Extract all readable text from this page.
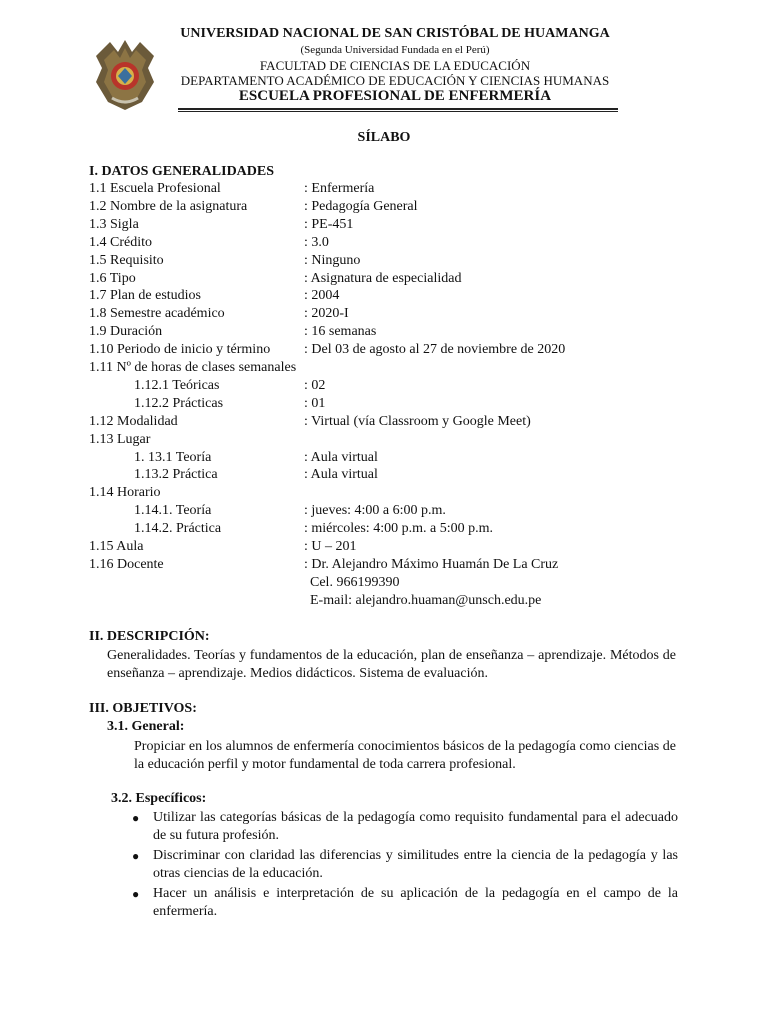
UNIVERSIDAD NACIONAL DE SAN CRISTÓBAL DE HUAMANGA
(Segunda Universidad Fundada en el Perú)
FACULTAD DE CIENCIAS DE LA EDUCACIÓN
DEPARTAMENTO ACADÉMICO DE EDUCACIÓN Y CIENCIAS HUMANAS
ESCUELA PROFESIONAL DE ENFERMERÍA
SÍLABO
I. DATOS GENERALIDADES
1.1 Escuela Profesional	: Enfermería
1.2 Nombre de la asignatura	: Pedagogía General
1.3 Sigla	: PE-451
1.4 Crédito	: 3.0
1.5 Requisito	: Ninguno
1.6 Tipo	: Asignatura de especialidad
1.7 Plan de estudios	: 2004
1.8 Semestre académico	: 2020-I
1.9 Duración	: 16 semanas
1.10 Periodo de inicio y término : Del 03 de agosto al 27 de noviembre de 2020
1.11 Nº de horas de clases semanales
1.12.1 Teóricas	: 02
1.12.2 Prácticas	: 01
1.12 Modalidad	: Virtual (vía Classroom y Google Meet)
1.13 Lugar
1. 13.1 Teoría	: Aula virtual
1.13.2 Práctica	: Aula virtual
1.14 Horario
1.14.1. Teoría	: jueves: 4:00 a 6:00 p.m.
1.14.2. Práctica	: miércoles: 4:00 p.m. a 5:00 p.m.
1.15 Aula	: U – 201
1.16 Docente	: Dr. Alejandro Máximo Huamán De La Cruz
Cel. 966199390
E-mail: alejandro.huaman@unsch.edu.pe
II. DESCRIPCIÓN:
Generalidades. Teorías y fundamentos de la educación, plan de enseñanza – aprendizaje. Métodos de enseñanza – aprendizaje. Medios didácticos. Sistema de evaluación.
III. OBJETIVOS:
3.1. General:
Propiciar en los alumnos de enfermería conocimientos básicos de la pedagogía como ciencias de la educación perfil y motor fundamental de toda carrera profesional.
3.2. Específicos:
● Utilizar las categorías básicas de la pedagogía como requisito fundamental para el adecuado de su futura profesión.
● Discriminar con claridad las diferencias y similitudes entre la ciencia de la pedagogía y las otras ciencias de la educación.
● Hacer un análisis e interpretación de su aplicación de la pedagogía en el campo de la enfermería.
